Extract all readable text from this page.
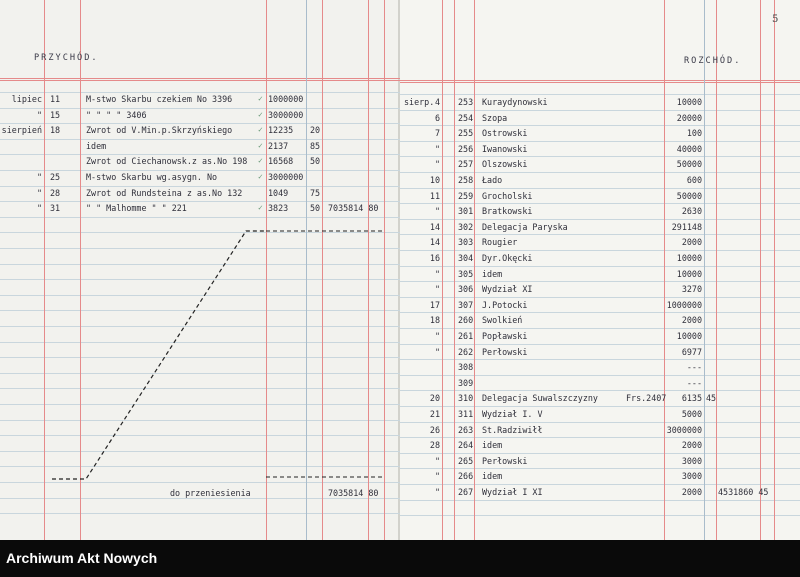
5
PRZYCHÓD.	ROZCHÓD.
lipiec 11	M-stwo Skarbu czekiem No 3396	✓ 1000000
" 15	" " " " 3406	✓ 3000000
sierpień 18	Zwrot od V.Min.p.Skrzyńskiego	✓ 12235 20
idem	✓ 2137	85
Zwrot od Ciechanowsk.z as.No 198 ✓ 16568 50
" 25	M-stwo Skarbu wg.asygn. No	✓ 3000000
" 28	Zwrot od Rundsteina z as.No 132	1049	75
" 31	" " Malhomme " " 221	✓ 3823	50 7035814 80
sierp. 4 253 Kuraydynowski	10000
6 254 Szopa	20000
7 255 Ostrowski	100
" 256 Iwanowski	40000
" 257 Olszowski	50000
10 258 Łado	600
11 259 Grocholski	50000
" 301 Bratkowski	2630
14 302 Delegacja Paryska	291148
14 303 Rougier	2000
16 304 Dyr.Okęcki	10000
" 305 idem	10000
" 306 Wydział XI	3270
17 307 J.Potocki	1000000
18 260 Swolkień	2000
" 261 Popławski	10000
" 262 Perłowski	6977
308	---
309	---
20 310 Delegacja Suwalszczyzny	Frs.2407	6135 45
21 311 Wydział I. V	5000
26 263 St.Radziwiłł	3000000
28 264 idem	2000
" 265 Perłowski	3000
" 266 idem	3000
" 267 Wydział I XI	2000 4531860 45
do przeniesienia	7035814 80
Archiwum Akt Nowych
